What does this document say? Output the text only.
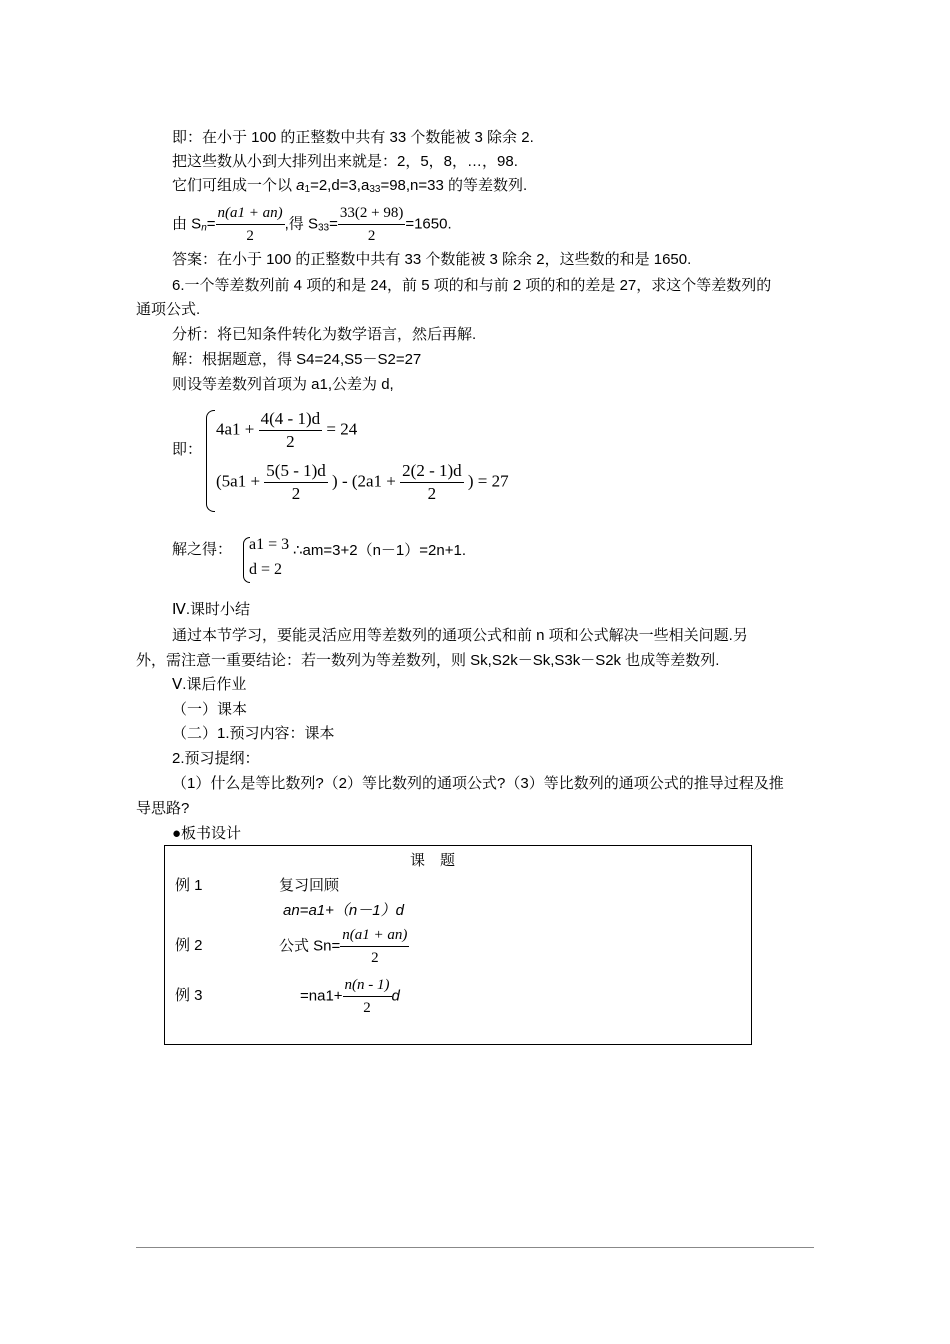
即：在小于 100 的正整数中共有 33 个数能被 3 除余 2.
把这些数从小到大排列出来就是：2，5，8，…，98.
它们可组成一个以 $a_1=2,d=3,a_{33}=98,n=33$ 的等差数列.
由 $S_n= \frac{n(a1 + an)}{2}$ ,得 $S_{33}= \frac{33(2 + 98)}{2} =1650$.
答案：在小于 100 的正整数中共有 33 个数能被 3 除余 2，这些数的和是 1650.
6.一个等差数列前 4 项的和是 24，前 5 项的和与前 2 项的和的差是 27，求这个等差数列的
通项公式.
分析：将已知条件转化为数学语言，然后再解.
解：根据题意，得 S4=24,S5－S2=27
则设等差数列首项为 a1,公差为 d,
即：
$4a1 + \frac{4(4 - 1)d}{2} = 24$
($5a1 + \frac{5(5 - 1)d}{2}$ ) - ($2a1 + \frac{2(2 - 1)d}{2}$ ) = 27
解之得： a1 = 3
d = 2
∴am=3+2（n－1）=2n+1.
Ⅳ.课时小结
通过本节学习，要能灵活应用等差数列的通项公式和前 n 项和公式解决一些相关问题.另
外，需注意一重要结论：若一数列为等差数列，则 Sk,S2k－Sk,S3k－S2k 也成等差数列.
Ⅴ.课后作业
（一）课本
（二）1.预习内容：课本
2.预习提纲：
（1）什么是等比数列?（2）等比数列的通项公式?（3）等比数列的通项公式的推导过程及推
导思路?
●板书设计
课　题
例 1	复习回顾
an=a1+（n－1）d
例 2	公式 $Sn= \frac{n(a1 + an)}{2}$
例 3	$=na1+ \frac{n(n - 1)}{2}$ d
